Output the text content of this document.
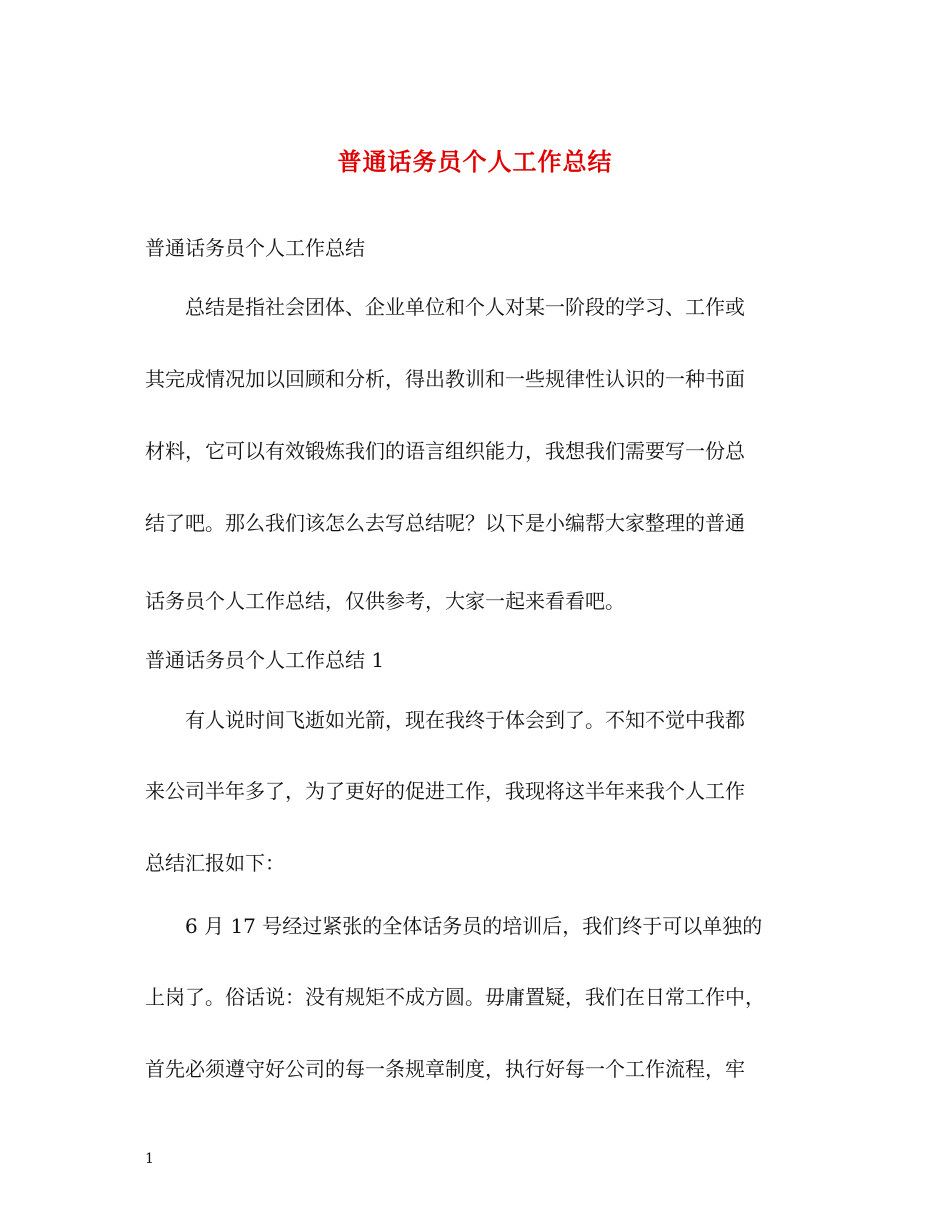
普通话务员个人工作总结
普通话务员个人工作总结
总结是指社会团体、企业单位和个人对某一阶段的学习、工作或
其完成情况加以回顾和分析，得出教训和一些规律性认识的一种书面
材料，它可以有效锻炼我们的语言组织能力，我想我们需要写一份总
结了吧。那么我们该怎么去写总结呢？以下是小编帮大家整理的普通
话务员个人工作总结，仅供参考，大家一起来看看吧。
普通话务员个人工作总结 1
有人说时间飞逝如光箭，现在我终于体会到了。不知不觉中我都
来公司半年多了，为了更好的促进工作，我现将这半年来我个人工作
总结汇报如下：
6 月 17 号经过紧张的全体话务员的培训后，我们终于可以单独的
上岗了。俗话说：没有规矩不成方圆。毋庸置疑，我们在日常工作中，
首先必须遵守好公司的每一条规章制度，执行好每一个工作流程，牢
1
